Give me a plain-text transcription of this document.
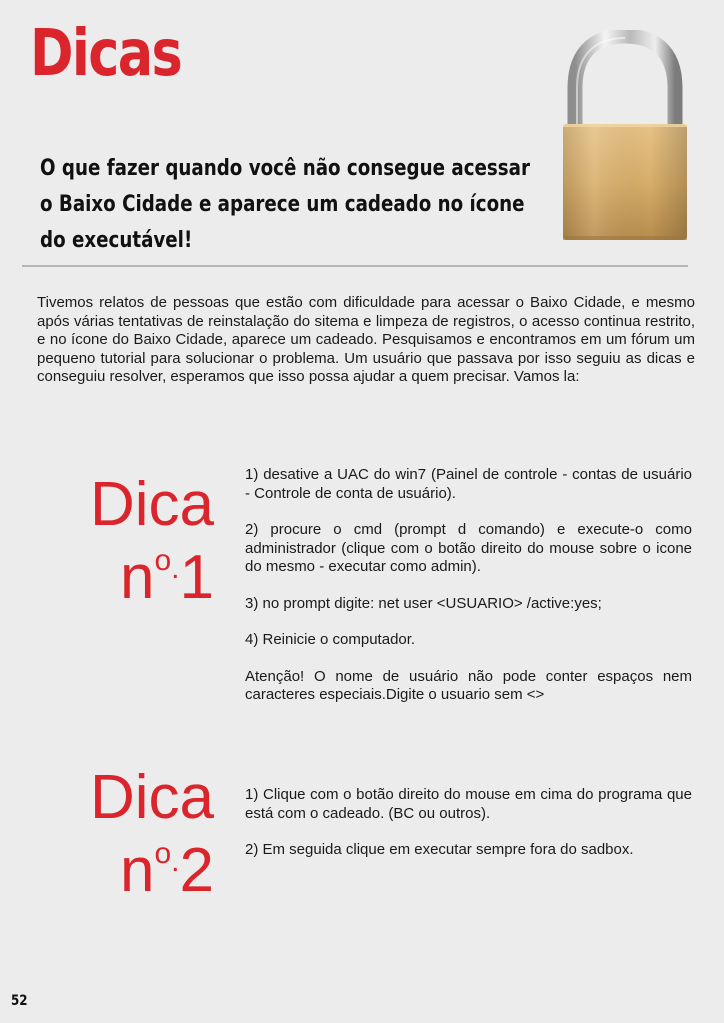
Dicas
O que fazer quando você não consegue acessar
o Baixo Cidade e aparece um cadeado no ícone
do executável!

Tivemos relatos de pessoas que estão com dificuldade para acessar o Baixo Cidade, e mesmo após várias tentativas de reinstalação do sitema e limpeza de registros, o acesso continua restrito, e no ícone do Baixo Cidade, aparece um cadeado. Pesquisamos e encontramos em um fórum um pequeno tutorial para solucionar o problema. Um usuário que passava por isso seguiu as dicas e conseguiu resolver, esperamos que isso possa ajudar a quem precisar. Vamos la:

Dica
$n^{o.}1$
1) desative a UAC do win7 (Painel de controle - contas de usuário - Controle de conta de usuário).
2) procure o cmd (prompt d comando) e execute-o como administrador (clique com o botão direito do mouse sobre o icone do mesmo - executar como admin).
3) no prompt digite: net user <USUARIO> /active:yes;
4) Reinicie o computador.
Atenção! O nome de usuário não pode conter espaços nem caracteres especiais.Digite o usuario sem <>
Dica
$n^{o.}2$
1) Clique com o botão direito do mouse em cima do programa que está com o cadeado. (BC ou outros).
2) Em seguida clique em executar sempre fora do sadbox.
52
